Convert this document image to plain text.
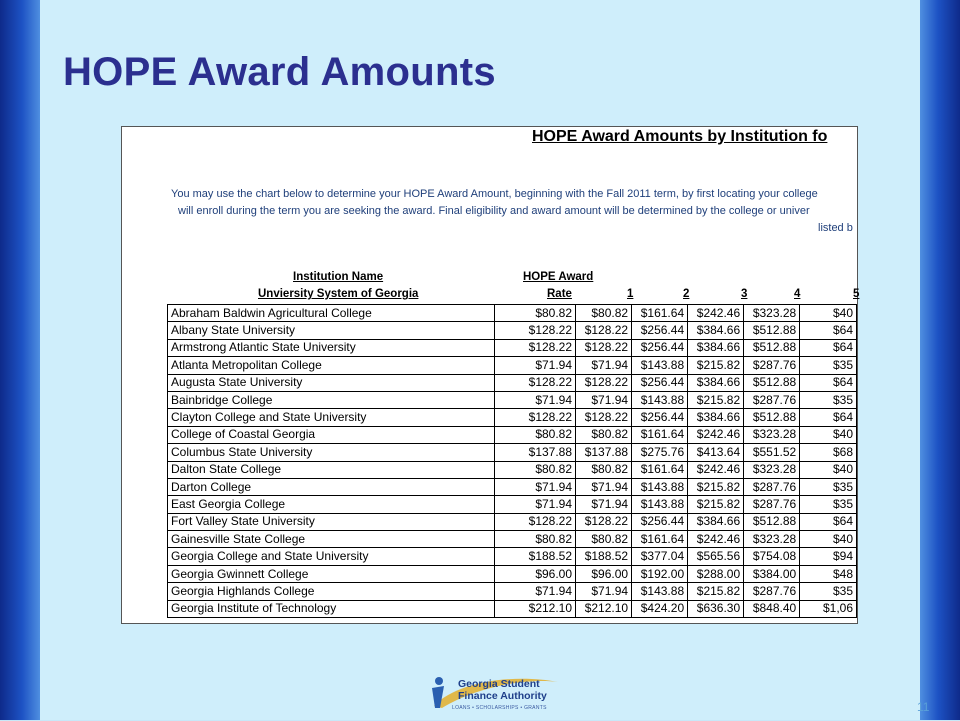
HOPE Award Amounts
HOPE Award Amounts by Institution fo
You may use the chart below to determine your HOPE Award Amount, beginning with the Fall 2011 term, by first locating your college
will enroll during the term you are seeking the award. Final eligibility and award amount will be determined by the college or univer
listed b
Institution Name
Unviersity System of Georgia
HOPE Award
Rate	1	2	3	4	5
Abraham Baldwin Agricultural College	$80.82	$80.82	$161.64	$242.46	$323.28	$40
Albany State University	$128.22	$128.22	$256.44	$384.66	$512.88	$64
Armstrong Atlantic State University	$128.22	$128.22	$256.44	$384.66	$512.88	$64
Atlanta Metropolitan College	$71.94	$71.94	$143.88	$215.82	$287.76	$35
Augusta State University	$128.22	$128.22	$256.44	$384.66	$512.88	$64
Bainbridge College	$71.94	$71.94	$143.88	$215.82	$287.76	$35
Clayton College and State University	$128.22	$128.22	$256.44	$384.66	$512.88	$64
College of Coastal Georgia	$80.82	$80.82	$161.64	$242.46	$323.28	$40
Columbus State University	$137.88	$137.88	$275.76	$413.64	$551.52	$68
Dalton State College	$80.82	$80.82	$161.64	$242.46	$323.28	$40
Darton College	$71.94	$71.94	$143.88	$215.82	$287.76	$35
East Georgia College	$71.94	$71.94	$143.88	$215.82	$287.76	$35
Fort Valley State University	$128.22	$128.22	$256.44	$384.66	$512.88	$64
Gainesville State College	$80.82	$80.82	$161.64	$242.46	$323.28	$40
Georgia College and State University	$188.52	$188.52	$377.04	$565.56	$754.08	$94
Georgia Gwinnett College	$96.00	$96.00	$192.00	$288.00	$384.00	$48
Georgia Highlands College	$71.94	$71.94	$143.88	$215.82	$287.76	$35
Georgia Institute of Technology	$212.10	$212.10	$424.20	$636.30	$848.40	$1,06
Georgia Student
Finance Authority
LOANS • SCHOLARSHIPS • GRANTS	11
